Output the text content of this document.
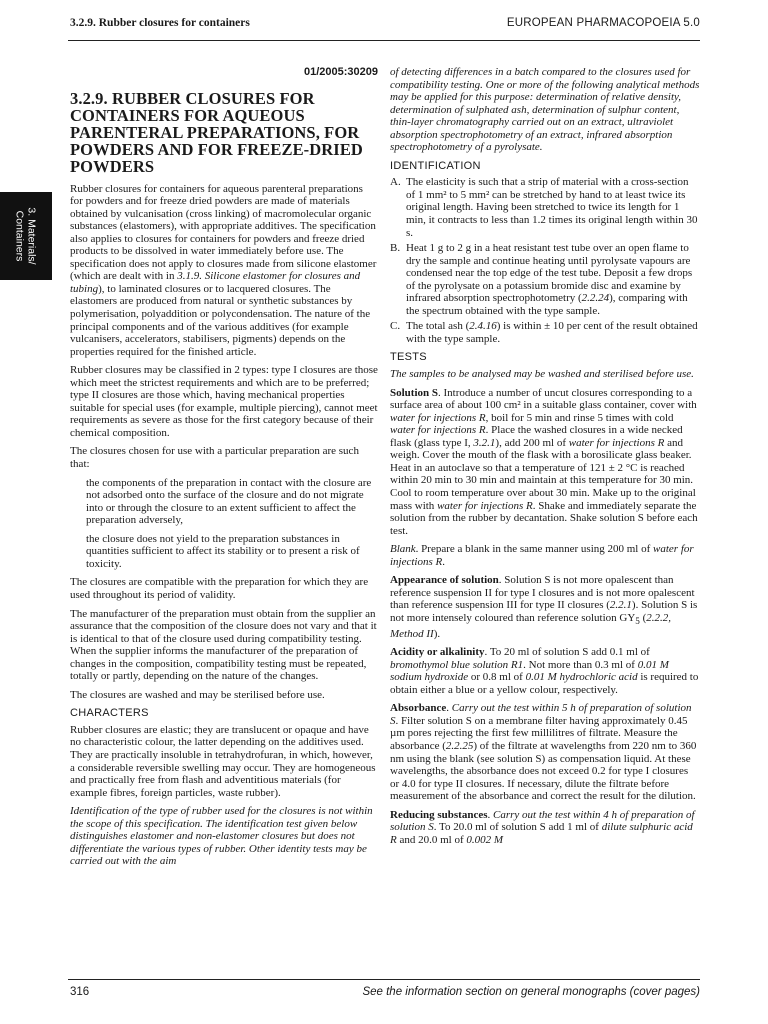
3.2.9. Rubber closures for containers	EUROPEAN PHARMACOPOEIA 5.0
3. Materials/
Containers
01/2005:30209
3.2.9. RUBBER CLOSURES FOR CONTAINERS FOR AQUEOUS PARENTERAL PREPARATIONS, FOR POWDERS AND FOR FREEZE-DRIED POWDERS

Rubber closures for containers for aqueous parenteral preparations for powders and for freeze dried powders are made of materials obtained by vulcanisation (cross linking) of macromolecular organic substances (elastomers), with appropriate additives. The specification also applies to closures for containers for powders and freeze dried products to be dissolved in water immediately before use. The specification does not apply to closures made from silicone elastomer (which are dealt with in 3.1.9. Silicone elastomer for closures and tubing), to laminated closures or to lacquered closures. The elastomers are produced from natural or synthetic substances by polymerisation, polyaddition or polycondensation. The nature of the principal components and of the various additives (for example vulcanisers, accelerators, stabilisers, pigments) depends on the properties required for the finished article.

Rubber closures may be classified in 2 types: type I closures are those which meet the strictest requirements and which are to be preferred; type II closures are those which, having mechanical properties suitable for special uses (for example, multiple piercing), cannot meet requirements as severe as those for the first category because of their chemical composition.

The closures chosen for use with a particular preparation are such that:

the components of the preparation in contact with the closure are not adsorbed onto the surface of the closure and do not migrate into or through the closure to an extent sufficient to affect the preparation adversely,

the closure does not yield to the preparation substances in quantities sufficient to affect its stability or to present a risk of toxicity.

The closures are compatible with the preparation for which they are used throughout its period of validity.

The manufacturer of the preparation must obtain from the supplier an assurance that the composition of the closure does not vary and that it is identical to that of the closure used during compatibility testing. When the supplier informs the manufacturer of the preparation of changes in the composition, compatibility testing must be repeated, totally or partly, depending on the nature of the changes.

The closures are washed and may be sterilised before use.

CHARACTERS

Rubber closures are elastic; they are translucent or opaque and have no characteristic colour, the latter depending on the additives used. They are practically insoluble in tetrahydrofuran, in which, however, a considerable reversible swelling may occur. They are homogeneous and practically free from flash and adventitious materials (for example fibres, foreign particles, waste rubber).

Identification of the type of rubber used for the closures is not within the scope of this specification. The identification test given below distinguishes elastomer and non-elastomer closures but does not differentiate the various types of rubber. Other identity tests may be carried out with the aim

of detecting differences in a batch compared to the closures used for compatibility testing. One or more of the following analytical methods may be applied for this purpose: determination of relative density, determination of sulphated ash, determination of sulphur content, thin-layer chromatography carried out on an extract, ultraviolet absorption spectrophotometry of an extract, infrared absorption spectrophotometry of a pyrolysate.

IDENTIFICATION
A. The elasticity is such that a strip of material with a cross-section of 1 mm² to 5 mm² can be stretched by hand to at least twice its original length. Having been stretched to twice its length for 1 min, it contracts to less than 1.2 times its original length within 30 s.
B. Heat 1 g to 2 g in a heat resistant test tube over an open flame to dry the sample and continue heating until pyrolysate vapours are condensed near the top edge of the test tube. Deposit a few drops of the pyrolysate on a potassium bromide disc and examine by infrared absorption spectrophotometry (2.2.24), comparing with the spectrum obtained with the type sample.
C. The total ash (2.4.16) is within ± 10 per cent of the result obtained with the type sample.
TESTS

The samples to be analysed may be washed and sterilised before use.

Solution S. Introduce a number of uncut closures corresponding to a surface area of about 100 cm² in a suitable glass container, cover with water for injections R, boil for 5 min and rinse 5 times with cold water for injections R. Place the washed closures in a wide necked flask (glass type I, 3.2.1), add 200 ml of water for injections R and weigh. Cover the mouth of the flask with a borosilicate glass beaker. Heat in an autoclave so that a temperature of 121 ± 2 °C is reached within 20 min to 30 min and maintain at this temperature for 30 min. Cool to room temperature over about 30 min. Make up to the original mass with water for injections R. Shake and immediately separate the solution from the rubber by decantation. Shake solution S before each test.

Blank. Prepare a blank in the same manner using 200 ml of water for injections R.

Appearance of solution. Solution S is not more opalescent than reference suspension II for type I closures and is not more opalescent than reference suspension III for type II closures (2.2.1). Solution S is not more intensely coloured than reference solution $GY_5$ (2.2.2, Method II).

Acidity or alkalinity. To 20 ml of solution S add 0.1 ml of bromothymol blue solution R1. Not more than 0.3 ml of 0.01 M sodium hydroxide or 0.8 ml of 0.01 M hydrochloric acid is required to obtain either a blue or a yellow colour, respectively.

Absorbance. Carry out the test within 5 h of preparation of solution S. Filter solution S on a membrane filter having approximately 0.45 µm pores rejecting the first few millilitres of filtrate. Measure the absorbance (2.2.25) of the filtrate at wavelengths from 220 nm to 360 nm using the blank (see solution S) as compensation liquid. At these wavelengths, the absorbance does not exceed 0.2 for type I closures or 4.0 for type II closures. If necessary, dilute the filtrate before measurement of the absorbance and correct the result for the dilution.

Reducing substances. Carry out the test within 4 h of preparation of solution S. To 20.0 ml of solution S add 1 ml of dilute sulphuric acid R and 20.0 ml of 0.002 M

316	See the information section on general monographs (cover pages)
